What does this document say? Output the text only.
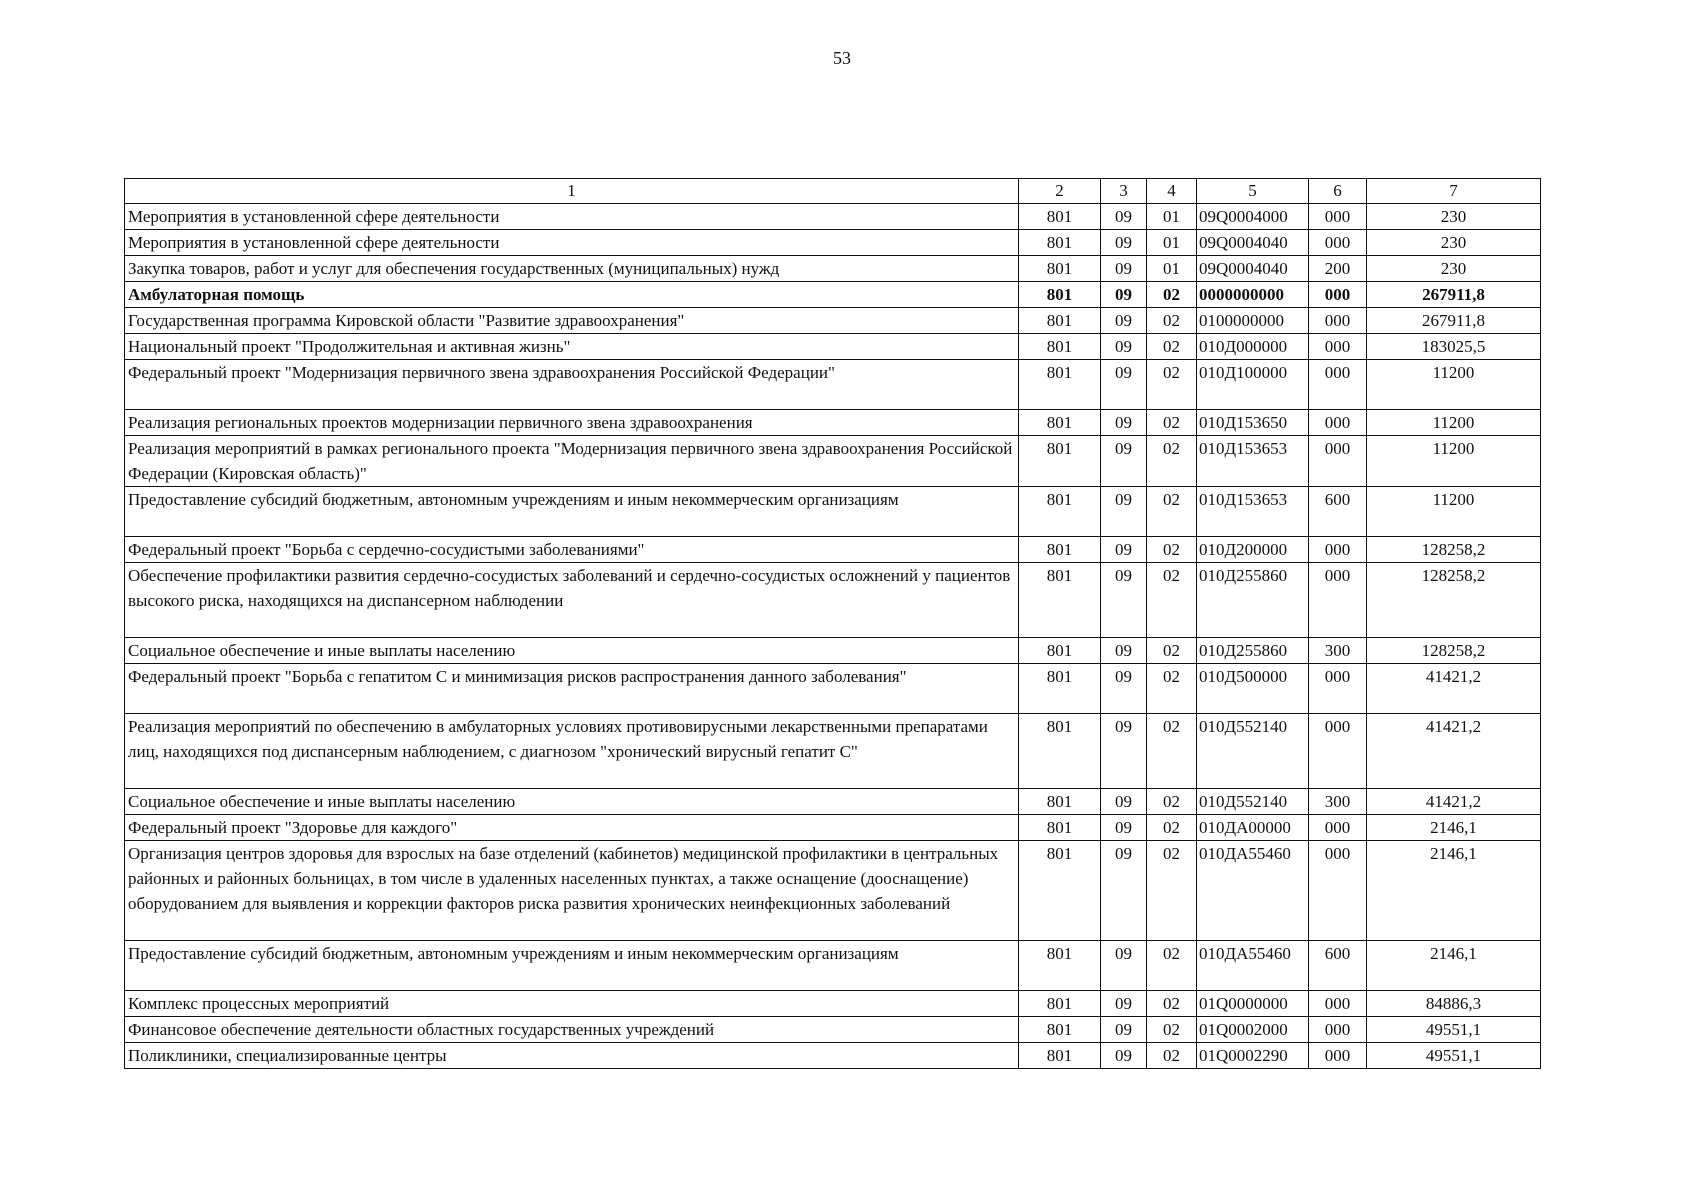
53
1	2	3	4	5	6	7
Мероприятия в установленной сфере деятельности	801	09	01	09Q0004000	000	230
Мероприятия в установленной сфере деятельности	801	09	01	09Q0004040	000	230
Закупка товаров, работ и услуг для обеспечения государственных (муниципальных) нужд	801	09	01	09Q0004040	200	230
Амбулаторная помощь	801	09	02	0000000000	000	267911,8
Государственная программа Кировской области "Развитие здравоохранения"	801	09	02	0100000000	000	267911,8
Национальный проект "Продолжительная и активная жизнь"	801	09	02	010Д000000	000	183025,5
Федеральный проект "Модернизация первичного звена здравоохранения Российской Федерации"	801	09	02	010Д100000	000	11200
Реализация региональных проектов модернизации первичного звена здравоохранения	801	09	02	010Д153650	000	11200
Реализация мероприятий в рамках регионального проекта "Модернизация первичного звена здравоохранения Российской Федерации (Кировская область)"	801	09	02	010Д153653	000	11200
Предоставление субсидий бюджетным, автономным учреждениям и иным некоммерческим организациям	801	09	02	010Д153653	600	11200
Федеральный проект "Борьба с сердечно-сосудистыми заболеваниями"	801	09	02	010Д200000	000	128258,2
Обеспечение профилактики развития сердечно-сосудистых заболеваний и сердечно-сосудистых осложнений у пациентов высокого риска, находящихся на диспансерном наблюдении	801	09	02	010Д255860	000	128258,2
Социальное обеспечение и иные выплаты населению	801	09	02	010Д255860	300	128258,2
Федеральный проект "Борьба с гепатитом С и минимизация рисков распространения данного заболевания"	801	09	02	010Д500000	000	41421,2
Реализация мероприятий по обеспечению в амбулаторных условиях противовирусными лекарственными препаратами лиц, находящихся под диспансерным наблюдением, с диагнозом "хронический вирусный гепатит С"	801	09	02	010Д552140	000	41421,2
Социальное обеспечение и иные выплаты населению	801	09	02	010Д552140	300	41421,2
Федеральный проект "Здоровье для каждого"	801	09	02	010ДА00000	000	2146,1
Организация центров здоровья для взрослых на базе отделений (кабинетов) медицинской профилактики в центральных районных и районных больницах, в том числе в удаленных населенных пунктах, а также оснащение (дооснащение) оборудованием для выявления и коррекции факторов риска развития хронических неинфекционных заболеваний	801	09	02	010ДА55460	000	2146,1
Предоставление субсидий бюджетным, автономным учреждениям и иным некоммерческим организациям	801	09	02	010ДА55460	600	2146,1
Комплекс процессных мероприятий	801	09	02	01Q0000000	000	84886,3
Финансовое обеспечение деятельности областных государственных учреждений	801	09	02	01Q0002000	000	49551,1
Поликлиники, специализированные центры	801	09	02	01Q0002290	000	49551,1
